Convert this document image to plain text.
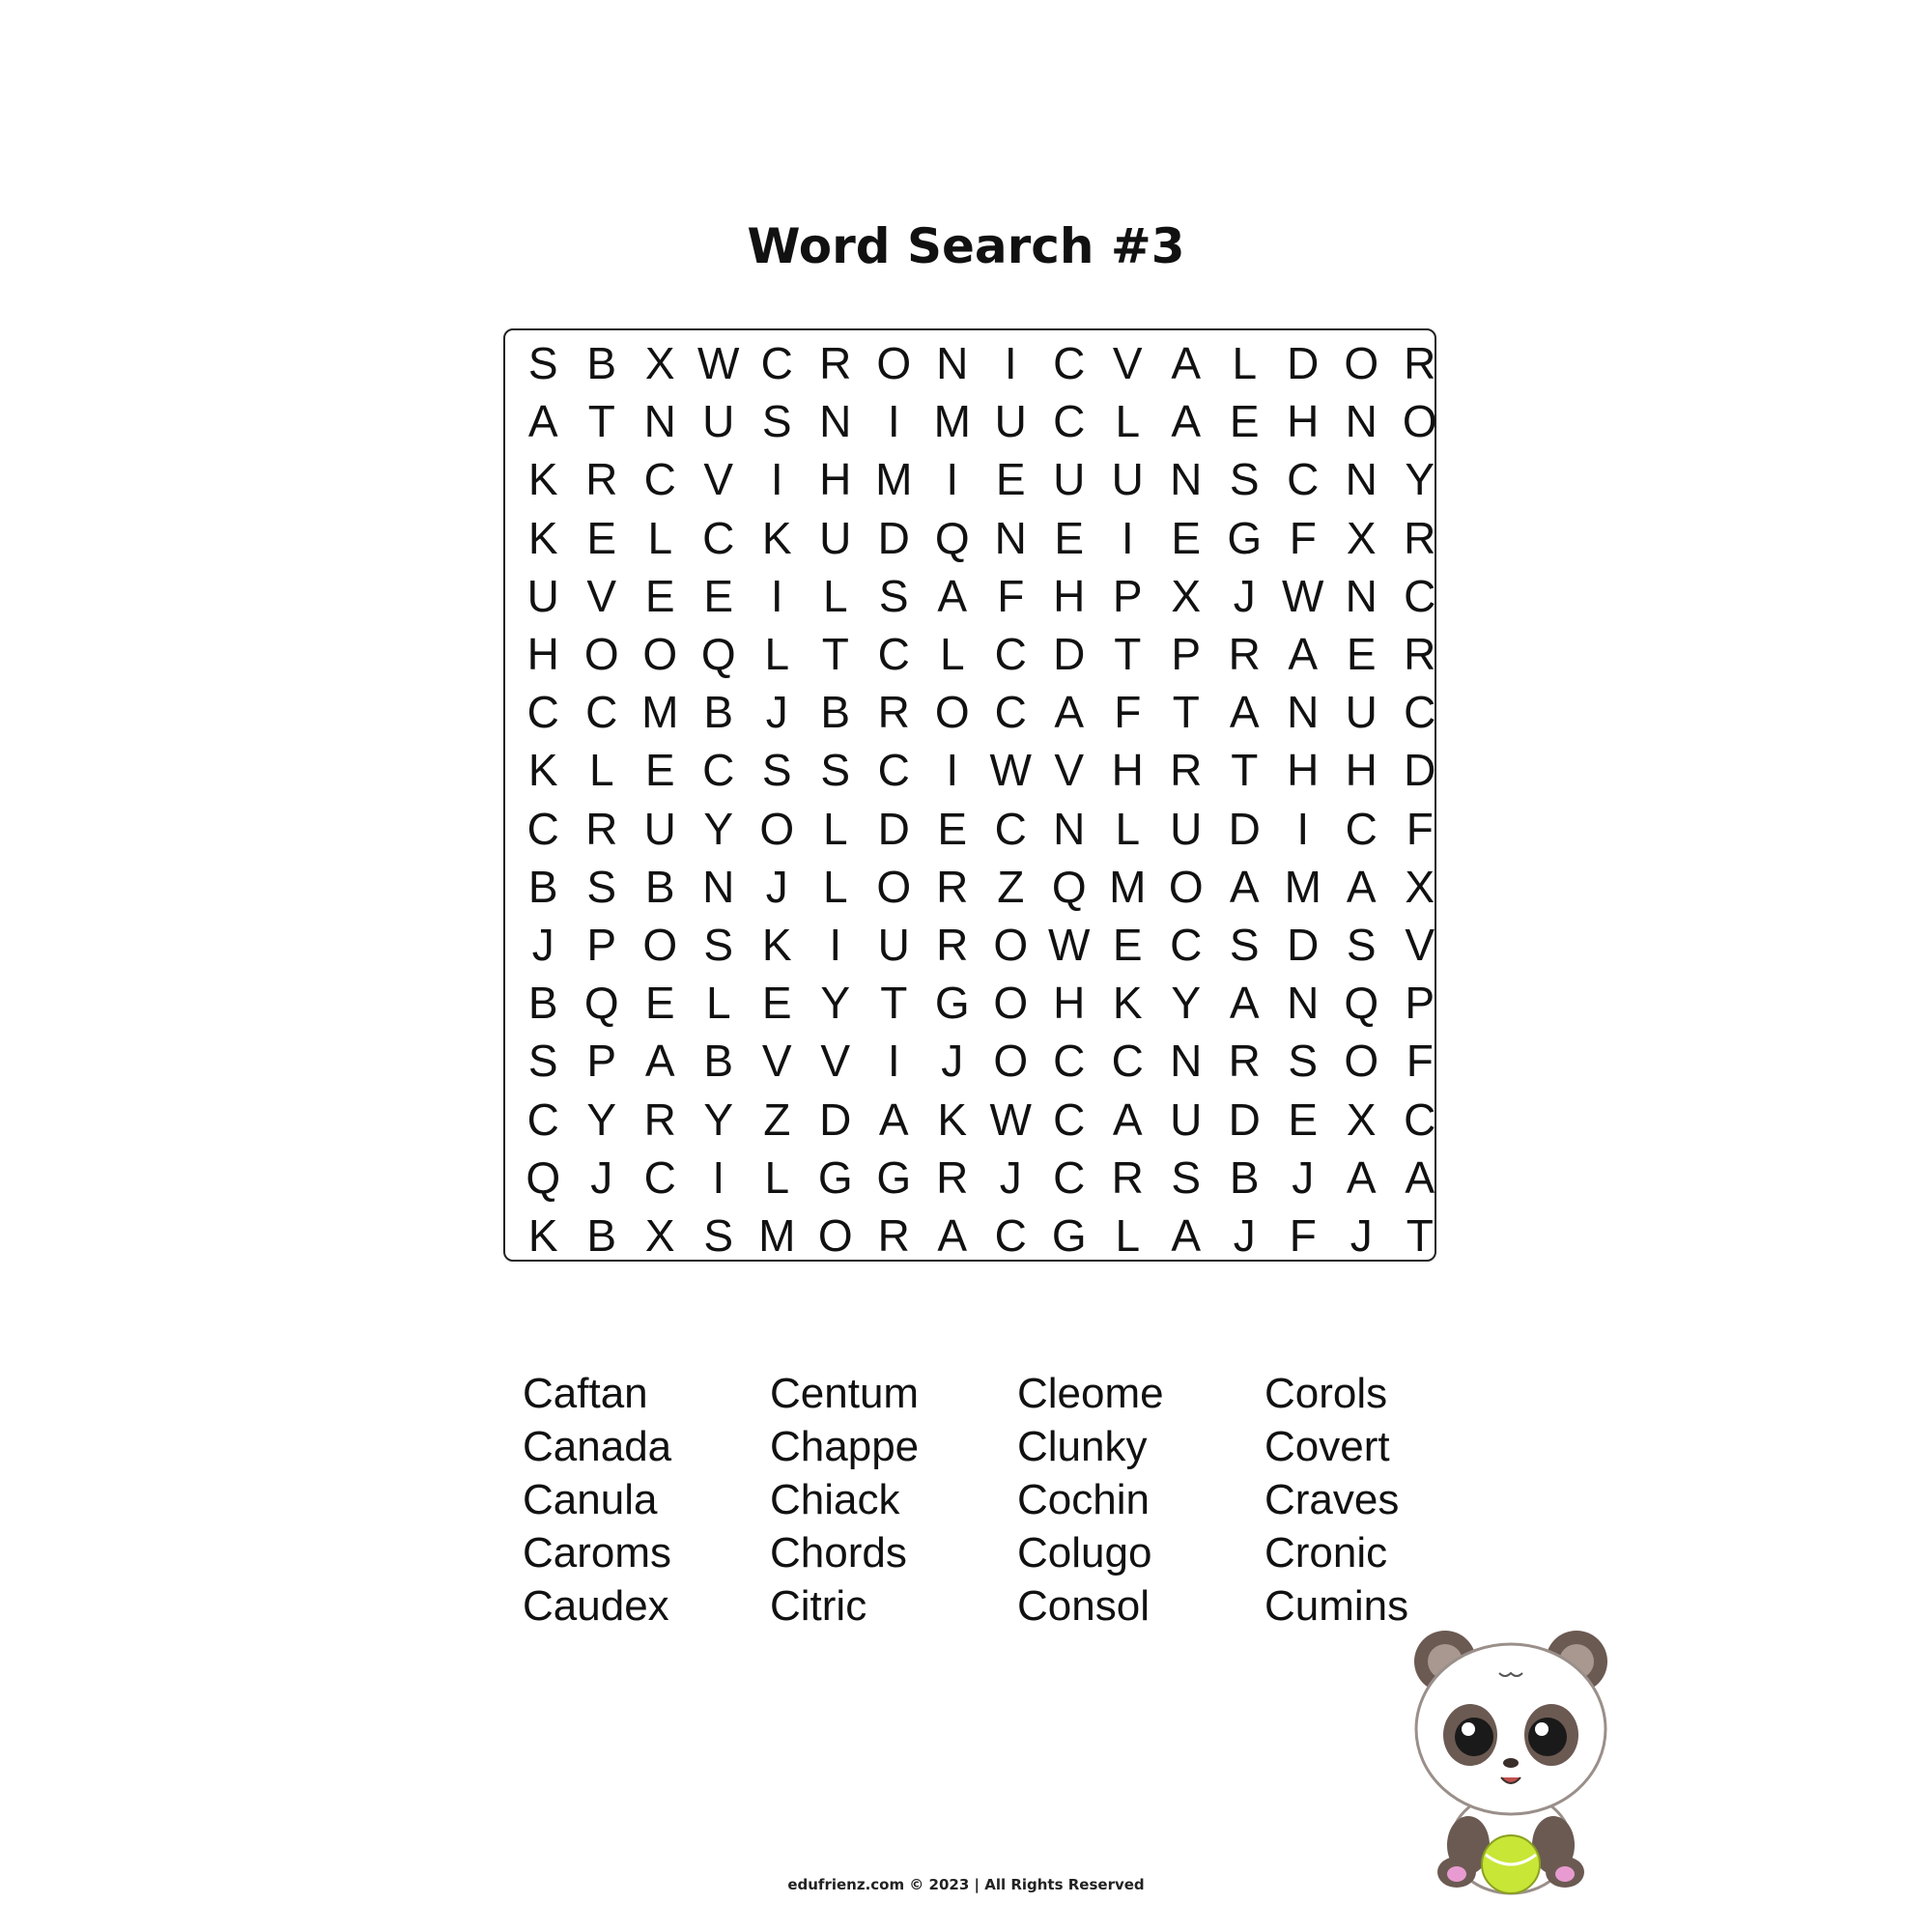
Word Search #3
S B X W C R O N I C V A L D O R
A T N U S N I M U C L A E H N O
K R C V I H M I E U U N S C N Y
K E L C K U D Q N E I E G F X R
U V E E I L S A F H P X J W N C
H O O Q L T C L C D T P R A E R
C C M B J B R O C A F T A N U C
K L E C S S C I W V H R T H H D
C R U Y O L D E C N L U D I C F
B S B N J L O R Z Q M O A M A X
J P O S K I U R O W E C S D S V
B Q E L E Y T G O H K Y A N Q P
S P A B V V I J O C C N R S O F
C Y R Y Z D A K W C A U D E X C
Q J C I L G G R J C R S B J A A
K B X S M O R A C G L A J F J T
Caftan
Canada
Canula
Caroms
Caudex
Centum
Chappe
Chiack
Chords
Citric
Cleome
Clunky
Cochin
Colugo
Consol
Corols
Covert
Craves
Cronic
Cumins
edufrienz.com © 2023 | All Rights Reserved
